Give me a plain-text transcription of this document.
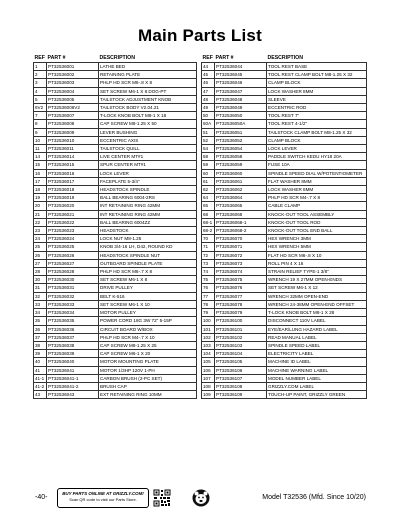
Main Parts List
REF	PART #	DESCRIPTION
1	PT32536001	LATHE BED
2	PT32536002	RETAINING PLATE
3	PT32536003	PHLP HD SCR M6-.8 X 8
4	PT32536004	SET SCREW M6-1 X 8 DOG-PT
5	PT32536005	TAILSTOCK ADJUSTMENT KNOB
6V2	PT32536006V2	TAILSTOCK BODY V2.04.21
7	PT32536007	T-LOCK KNOB BOLT M8-1 X 18
8	PT32536008	CAP SCREW M8-1.25 X 50
9	PT32536009	LEVER BUSHING
10	PT32536010	ECCENTRIC AXIS
11	PT32536011	TAILSTOCK QUILL
14	PT32536014	LIVE CENTER MT#1
15	PT32536015	SPUR CENTER MT#1
16	PT32536016	LOCK LEVER
17	PT32536017	FACEPLATE 5-3/4"
18	PT32536018	HEADSTOCK SPINDLE
19	PT32536019	BALL BEARING 6004-2RS
20	PT32536020	INT RETAINING RING 42MM
21	PT32536021	INT RETAINING RING 42MM
22	PT32536022	BALL BEARING 6004ZZ
23	PT32536023	HEADSTOCK
24	PT32536024	LOCK NUT M8-1.25
25	PT32536025	KNOB 3/4-16 LH, D42, ROUND KD
26	PT32536026	HEADSTOCK SPINDLE NUT
27	PT32536027	OUTBOARD SPINDLE PLATE
28	PT32536028	PHLP HD SCR M6-.7 X 8
30	PT32536030	SET SCREW M6-1 X 8
31	PT32536031	DRIVE PULLEY
32	PT32536032	BELT K-516
33	PT32536033	SET SCREW M6-1 X 10
34	PT32536034	MOTOR PULLEY
35	PT32536035	POWER CORD 18G 3W 72" 5-15P
36	PT32536036	CIRCUIT BOARD W/BOX
37	PT32536037	PHLP HD SCR M4-.7 X 10
38	PT32536038	CAP SCREW M8-1.25 X 25
39	PT32536039	CAP SCREW M6-1 X 20
40	PT32536040	MOTOR MOUNTING PLATE
41	PT32536041	MOTOR 1/3HP 120V 1-PH
41-1	PT32536041-1	CARBON BRUSH (2-PC SET)
41-2	PT32536041-2	BRUSH CAP
43	PT32536043	EXT RETAINING RING 10MM
REF	PART #	DESCRIPTION
44	PT32536044	TOOL REST BASE
45	PT32536045	TOOL REST CLAMP BOLT M8-1.25 X 32
46	PT32536046	CLAMP BLOCK
47	PT32536047	LOCK WASHER 8MM
48	PT32536048	SLEEVE
49	PT32536049	ECCENTRIC ROD
50	PT32536050	TOOL REST 7"
50A	PT32536050A	TOOL REST 4-1/2"
51	PT32536051	TAILSTOCK CLAMP BOLT M8-1.25 X 32
52	PT32536052	CLAMP BLOCK
54	PT32536054	LOCK LEVER
58	PT32536058	PADDLE SWITCH KEDU HY18 20A
59	PT32536059	FUSE 10A
60	PT32536060	SPINDLE SPEED DIAL W/POTENTIOMETER
61	PT32536061	FLAT WASHER 8MM
62	PT32536062	LOCK WASHER 8MM
64	PT32536064	PHLP HD SCR M4-.7 X 8
65	PT32536065	CABLE CLAMP
68	PT32536068	KNOCK-OUT TOOL ASSEMBLY
68-1	PT32536068-1	KNOCK-OUT TOOL ROD
68-2	PT32536068-2	KNOCK-OUT TOOL END BALL
70	PT32536070	HEX WRENCH 3MM
71	PT32536071	HEX WRENCH 5MM
72	PT32536072	FLAT HD SCR M6-.8 X 10
73	PT32536073	ROLL PIN 4 X 16
74	PT32536074	STRAIN RELIEF TYPE-1 3/8"
75	PT32536075	WRENCH 19 X 27MM OPEN-ENDS
76	PT32536076	SET SCREW M6-1 X 12
77	PT32536077	WRENCH 32MM OPEN-END
78	PT32536078	WRENCH 24-38MM OPEN-END OFFSET
79	PT32536079	T-LOCK KNOB BOLT M8-1 X 28
100	PT32536100	DISCONNECT 110V LABEL
101	PT32536101	EYE/EAR/LUNG HAZARD LABEL
102	PT32536102	READ MANUAL LABEL
103	PT32536103	SPINDLE SPEED LABEL
104	PT32536104	ELECTRICITY LABEL
105	PT32536105	MACHINE ID LABEL
106	PT32536106	MACHINE WARNING LABEL
107	PT32536107	MODEL NUMBER LABEL
108	PT32536108	GRIZZLY.COM LABEL
109	PT32536109	TOUCH-UP PAINT, GRIZZLY GREEN
-40-
BUY PARTS ONLINE AT GRIZZLY.COM!
Scan QR code to visit our Parts Store.	Model T32536 (Mfd. Since 10/20)
